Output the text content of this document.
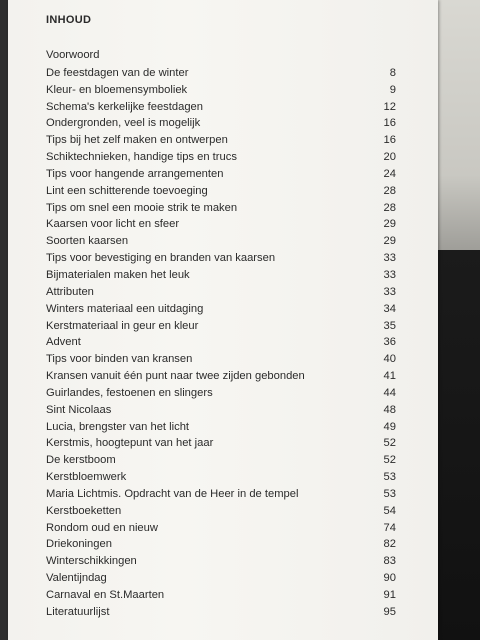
INHOUD
Voorwoord
De feestdagen van de winter	8
Kleur- en bloemensymboliek	9
Schema's kerkelijke feestdagen	12
Ondergronden, veel is mogelijk	16
Tips bij het zelf maken en ontwerpen	16
Schiktechnieken, handige tips en trucs	20
Tips voor hangende arrangementen	24
Lint een schitterende toevoeging	28
Tips om snel een mooie strik te maken	28
Kaarsen voor licht en sfeer	29
Soorten kaarsen	29
Tips voor bevestiging en branden van kaarsen	33
Bijmaterialen maken het leuk	33
Attributen	33
Winters materiaal een uitdaging	34
Kerstmateriaal in geur en kleur	35
Advent	36
Tips voor binden van kransen	40
Kransen vanuit één punt naar twee zijden gebonden	41
Guirlandes, festoenen en slingers	44
Sint Nicolaas	48
Lucia, brengster van het licht	49
Kerstmis, hoogtepunt van het jaar	52
De kerstboom	52
Kerstbloemwerk	53
Maria Lichtmis. Opdracht van de Heer in de tempel	53
Kerstboeketten	54
Rondom oud en nieuw	74
Driekoningen	82
Winterschikkingen	83
Valentijndag	90
Carnaval en St.Maarten	91
Literatuurlijst	95
